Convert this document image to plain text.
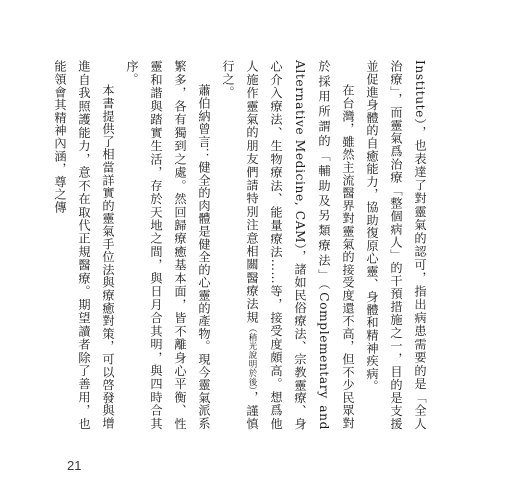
Institute），也表達了對靈氣的認可，指出病患需要的是「全人治療」，而靈氣爲治療「整個病人」的干預措施之一，目的是支援並促進身體的自癒能力，協助復原心靈、身體和精神疾病。

在台灣，雖然主流醫界對靈氣的接受度還不高，但不少民眾對於採用所謂的「輔助及另類療法」（Complementary and Alternative Medicine, CAM），諸如民俗療法、宗教靈療、身心介入療法、生物療法、能量療法……等，接受度頗高。想爲他人施作靈氣的朋友們請特別注意相關醫療法規（稍光說明於後），謹慎行之。

蕭伯納曾言：健全的肉體是健全的心靈的產物。現今靈氣派系繁多，各有獨到之處。然回歸療癒基本面，皆不離身心平衡、性靈和諧與踏實生活，存於天地之間，與日月合其明，與四時合其序。

本書提供了相當詳實的靈氣手位法與療癒對策，可以啓發與增進自我照護能力，意不在取代正規醫療。期望讀者除了善用，也能領會其精神內涵，尊之傳

21
